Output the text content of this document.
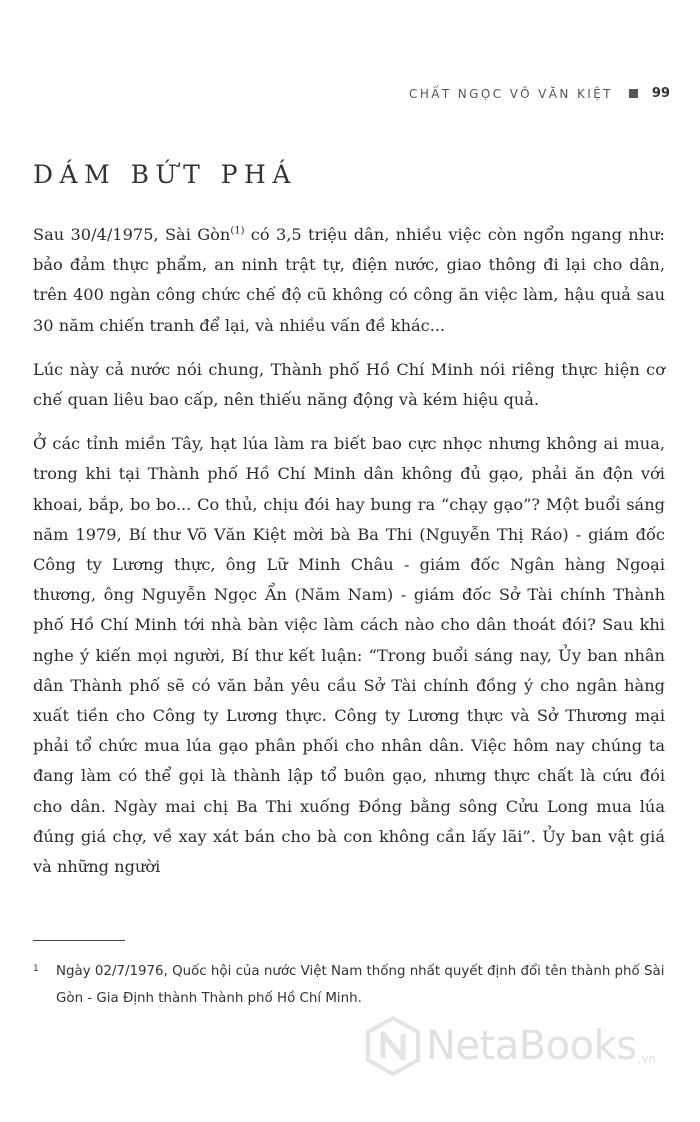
CHẤT NGỌC VÕ VĂN KIỆT	99
DÁM BỨT PHÁ

Sau 30/4/1975, Sài Gòn$^{(1)}$ có 3,5 triệu dân, nhiều việc còn ngổn ngang như: bảo đảm thực phẩm, an ninh trật tự, điện nước, giao thông đi lại cho dân, trên 400 ngàn công chức chế độ cũ không có công ăn việc làm, hậu quả sau 30 năm chiến tranh để lại, và nhiều vấn đề khác...

Lúc này cả nước nói chung, Thành phố Hồ Chí Minh nói riêng thực hiện cơ chế quan liêu bao cấp, nên thiếu năng động và kém hiệu quả.

Ở các tỉnh miền Tây, hạt lúa làm ra biết bao cực nhọc nhưng không ai mua, trong khi tại Thành phố Hồ Chí Minh dân không đủ gạo, phải ăn độn với khoai, bắp, bo bo... Co thủ, chịu đói hay bung ra “chạy gạo”? Một buổi sáng năm 1979, Bí thư Võ Văn Kiệt mời bà Ba Thi (Nguyễn Thị Ráo) - giám đốc Công ty Lương thực, ông Lữ Minh Châu - giám đốc Ngân hàng Ngoại thương, ông Nguyễn Ngọc Ẩn (Năm Nam) - giám đốc Sở Tài chính Thành phố Hồ Chí Minh tới nhà bàn việc làm cách nào cho dân thoát đói? Sau khi nghe ý kiến mọi người, Bí thư kết luận: “Trong buổi sáng nay, Ủy ban nhân dân Thành phố sẽ có văn bản yêu cầu Sở Tài chính đồng ý cho ngân hàng xuất tiền cho Công ty Lương thực. Công ty Lương thực và Sở Thương mại phải tổ chức mua lúa gạo phân phối cho nhân dân. Việc hôm nay chúng ta đang làm có thể gọi là thành lập tổ buôn gạo, nhưng thực chất là cứu đói cho dân. Ngày mai chị Ba Thi xuống Đồng bằng sông Cửu Long mua lúa đúng giá chợ, về xay xát bán cho bà con không cần lấy lãi”. Ủy ban vật giá và những người

1 Ngày 02/7/1976, Quốc hội của nước Việt Nam thống nhất quyết định đổi tên thành phố Sài Gòn - Gia Định thành Thành phố Hồ Chí Minh.
NetaBooks .vn
